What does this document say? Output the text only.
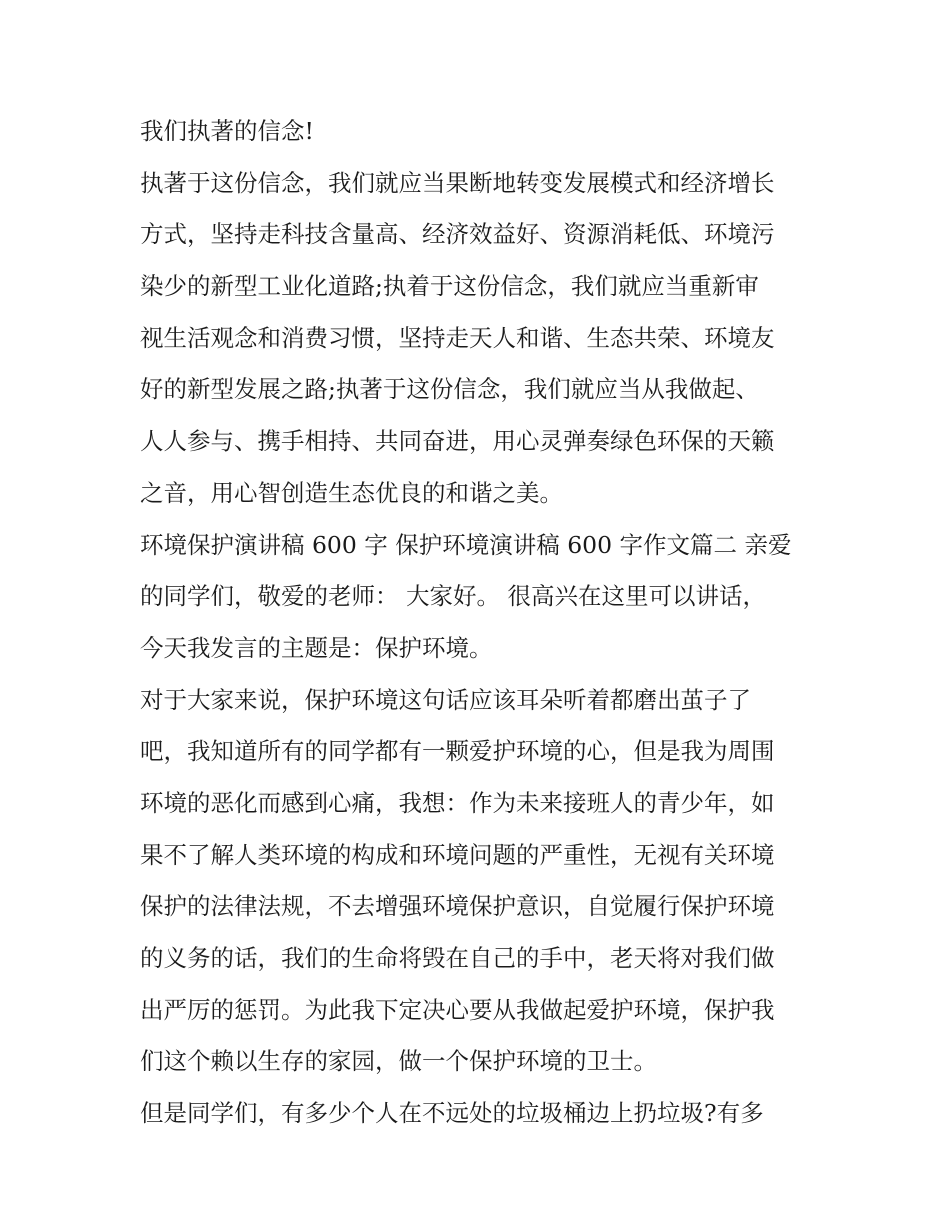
我们执著的信念!

执著于这份信念，我们就应当果断地转变发展模式和经济增长
方式，坚持走科技含量高、经济效益好、资源消耗低、环境污
染少的新型工业化道路;执着于这份信念，我们就应当重新审
视生活观念和消费习惯，坚持走天人和谐、生态共荣、环境友
好的新型发展之路;执著于这份信念，我们就应当从我做起、
人人参与、携手相持、共同奋进，用心灵弹奏绿色环保的天籁
之音，用心智创造生态优良的和谐之美。

环境保护演讲稿 600 字 保护环境演讲稿 600 字作文篇二 亲爱
的同学们，敬爱的老师： 大家好。 很高兴在这里可以讲话，
今天我发言的主题是：保护环境。

对于大家来说，保护环境这句话应该耳朵听着都磨出茧子了
吧，我知道所有的同学都有一颗爱护环境的心，但是我为周围
环境的恶化而感到心痛，我想：作为未来接班人的青少年，如
果不了解人类环境的构成和环境问题的严重性，无视有关环境
保护的法律法规，不去增强环境保护意识，自觉履行保护环境
的义务的话，我们的生命将毁在自己的手中，老天将对我们做
出严厉的惩罚。为此我下定决心要从我做起爱护环境，保护我
们这个赖以生存的家园，做一个保护环境的卫士。

但是同学们，有多少个人在不远处的垃圾桶边上扔垃圾?有多
